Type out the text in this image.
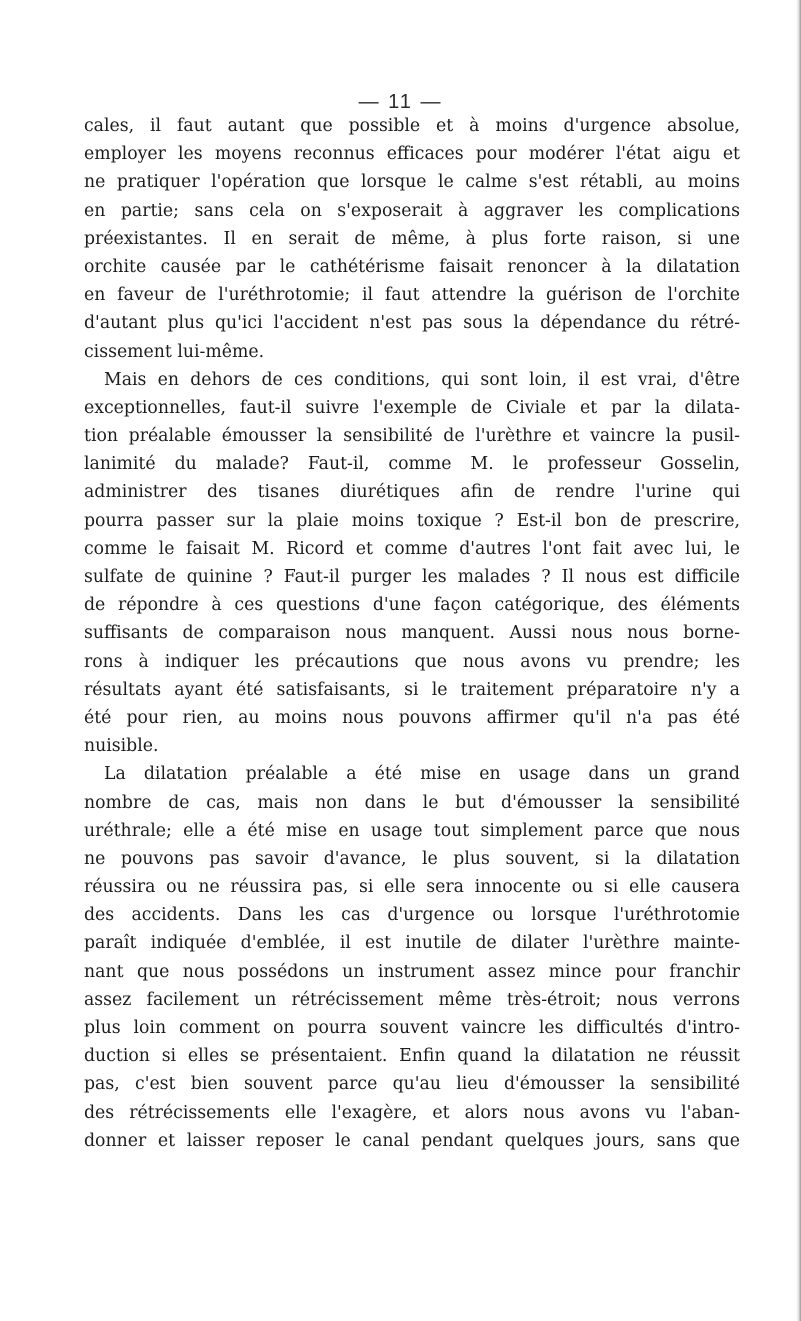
— 11 —
cales, il faut autant que possible et à moins d'urgence absolue,
employer les moyens reconnus efficaces pour modérer l'état aigu et
ne pratiquer l'opération que lorsque le calme s'est rétabli, au moins
en partie; sans cela on s'exposerait à aggraver les complications
préexistantes. Il en serait de même, à plus forte raison, si une
orchite causée par le cathétérisme faisait renoncer à la dilatation
en faveur de l'uréthrotomie; il faut attendre la guérison de l'orchite
d'autant plus qu'ici l'accident n'est pas sous la dépendance du rétré-
cissement lui-même.
Mais en dehors de ces conditions, qui sont loin, il est vrai, d'être
exceptionnelles, faut-il suivre l'exemple de Civiale et par la dilata-
tion préalable émousser la sensibilité de l'urèthre et vaincre la pusil-
lanimité du malade? Faut-il, comme M. le professeur Gosselin,
administrer des tisanes diurétiques afin de rendre l'urine qui
pourra passer sur la plaie moins toxique ? Est-il bon de prescrire,
comme le faisait M. Ricord et comme d'autres l'ont fait avec lui, le
sulfate de quinine ? Faut-il purger les malades ? Il nous est difficile
de répondre à ces questions d'une façon catégorique, des éléments
suffisants de comparaison nous manquent. Aussi nous nous borne-
rons à indiquer les précautions que nous avons vu prendre; les
résultats ayant été satisfaisants, si le traitement préparatoire n'y a
été pour rien, au moins nous pouvons affirmer qu'il n'a pas été
nuisible.
La dilatation préalable a été mise en usage dans un grand
nombre de cas, mais non dans le but d'émousser la sensibilité
uréthrale; elle a été mise en usage tout simplement parce que nous
ne pouvons pas savoir d'avance, le plus souvent, si la dilatation
réussira ou ne réussira pas, si elle sera innocente ou si elle causera
des accidents. Dans les cas d'urgence ou lorsque l'uréthrotomie
paraît indiquée d'emblée, il est inutile de dilater l'urèthre mainte-
nant que nous possédons un instrument assez mince pour franchir
assez facilement un rétrécissement même très-étroit; nous verrons
plus loin comment on pourra souvent vaincre les difficultés d'intro-
duction si elles se présentaient. Enfin quand la dilatation ne réussit
pas, c'est bien souvent parce qu'au lieu d'émousser la sensibilité
des rétrécissements elle l'exagère, et alors nous avons vu l'aban-
donner et laisser reposer le canal pendant quelques jours, sans que
